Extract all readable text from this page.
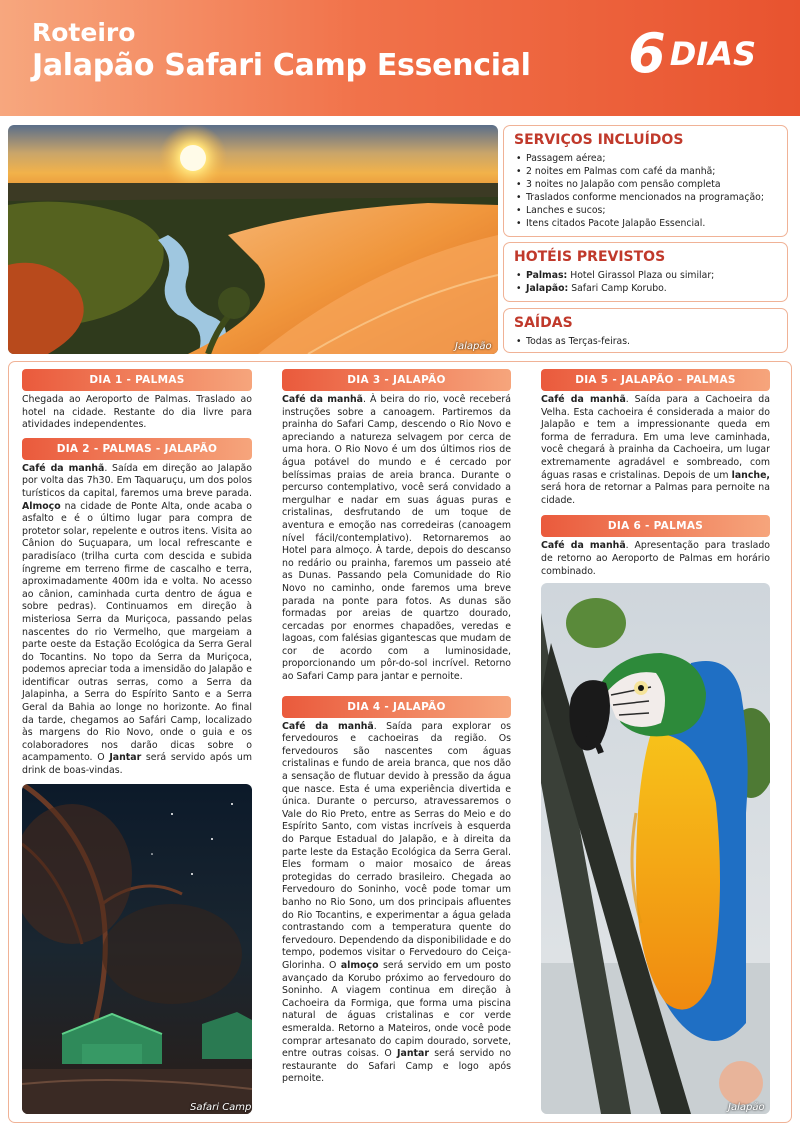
Roteiro
Jalapão Safari Camp Essencial 6 DIAS
Jalapão
SERVIÇOS INCLUÍDOS
• Passagem aérea;
• 2 noites em Palmas com café da manhã;
• 3 noites no Jalapão com pensão completa
• Traslados conforme mencionados na programação;
• Lanches e sucos;
• Itens citados Pacote Jalapão Essencial.
HOTÉIS PREVISTOS
• Palmas: Hotel Girassol Plaza ou similar;
• Jalapão: Safari Camp Korubo.
SAÍDAS
• Todas as Terças-feiras.
DIA 1 - PALMAS

Chegada ao Aeroporto de Palmas. Traslado ao hotel na cidade. Restante do dia livre para atividades independentes.

DIA 2 - PALMAS - JALAPÃO

Café da manhã. Saída em direção ao Jalapão por volta das 7h30. Em Taquaruçu, um dos polos turísticos da capital, faremos uma breve parada. Almoço na cidade de Ponte Alta, onde acaba o asfalto e é o último lugar para compra de protetor solar, repelente e outros itens. Visita ao Cânion do Suçuapara, um local refrescante e paradisíaco (trilha curta com descida e subida íngreme em terreno firme de cascalho e terra, aproximadamente 400m ida e volta. No acesso ao cânion, caminhada curta dentro de água e sobre pedras). Continuamos em direção à misteriosa Serra da Muriçoca, passando pelas nascentes do rio Vermelho, que margeiam a parte oeste da Estação Ecológica da Serra Geral do Tocantins. No topo da Serra da Muriçoca, podemos apreciar toda a imensidão do Jalapão e identificar outras serras, como a Serra da Jalapinha, a Serra do Espírito Santo e a Serra Geral da Bahia ao longe no horizonte. Ao final da tarde, chegamos ao Safári Camp, localizado às margens do Rio Novo, onde o guia e os colaboradores nos darão dicas sobre o acampamento. O Jantar será servido após um drink de boas-vindas.

Safari Camp
DIA 3 - JALAPÃO

Café da manhã. À beira do rio, você receberá instruções sobre a canoagem. Partiremos da prainha do Safari Camp, descendo o Rio Novo e apreciando a natureza selvagem por cerca de uma hora. O Rio Novo é um dos últimos rios de água potável do mundo e é cercado por belíssimas praias de areia branca. Durante o percurso contemplativo, você será convidado a mergulhar e nadar em suas águas puras e cristalinas, desfrutando de um toque de aventura e emoção nas corredeiras (canoagem nível fácil/contemplativo). Retornaremos ao Hotel para almoço. À tarde, depois do descanso no redário ou prainha, faremos um passeio até as Dunas. Passando pela Comunidade do Rio Novo no caminho, onde faremos uma breve parada na ponte para fotos. As dunas são formadas por areias de quartzo dourado, cercadas por enormes chapadões, veredas e lagoas, com falésias gigantescas que mudam de cor de acordo com a luminosidade, proporcionando um pôr-do-sol incrível. Retorno ao Safari Camp para jantar e pernoite.

DIA 4 - JALAPÃO

Café da manhã. Saída para explorar os fervedouros e cachoeiras da região. Os fervedouros são nascentes com águas cristalinas e fundo de areia branca, que nos dão a sensação de flutuar devido à pressão da água que nasce. Esta é uma experiência divertida e única. Durante o percurso, atravessaremos o Vale do Rio Preto, entre as Serras do Meio e do Espírito Santo, com vistas incríveis à esquerda do Parque Estadual do Jalapão, e à direita da parte leste da Estação Ecológica da Serra Geral. Eles formam o maior mosaico de áreas protegidas do cerrado brasileiro. Chegada ao Fervedouro do Soninho, você pode tomar um banho no Rio Sono, um dos principais afluentes do Rio Tocantins, e experimentar a água gelada contrastando com a temperatura quente do fervedouro. Dependendo da disponibilidade e do tempo, podemos visitar o Fervedouro do Ceiça-Glorinha. O almoço será servido em um posto avançado da Korubo próximo ao fervedouro do Soninho. A viagem continua em direção à Cachoeira da Formiga, que forma uma piscina natural de águas cristalinas e cor verde esmeralda. Retorno a Mateiros, onde você pode comprar artesanato do capim dourado, sorvete, entre outras coisas. O Jantar será servido no restaurante do Safari Camp e logo após pernoite.

DIA 5 - JALAPÃO - PALMAS

Café da manhã. Saída para a Cachoeira da Velha. Esta cachoeira é considerada a maior do Jalapão e tem a impressionante queda em forma de ferradura. Em uma leve caminhada, você chegará à prainha da Cachoeira, um lugar extremamente agradável e sombreado, com águas rasas e cristalinas. Depois de um lanche, será hora de retornar a Palmas para pernoite na cidade.

DIA 6 - PALMAS

Café da manhã. Apresentação para traslado de retorno ao Aeroporto de Palmas em horário combinado.

Jalapão
